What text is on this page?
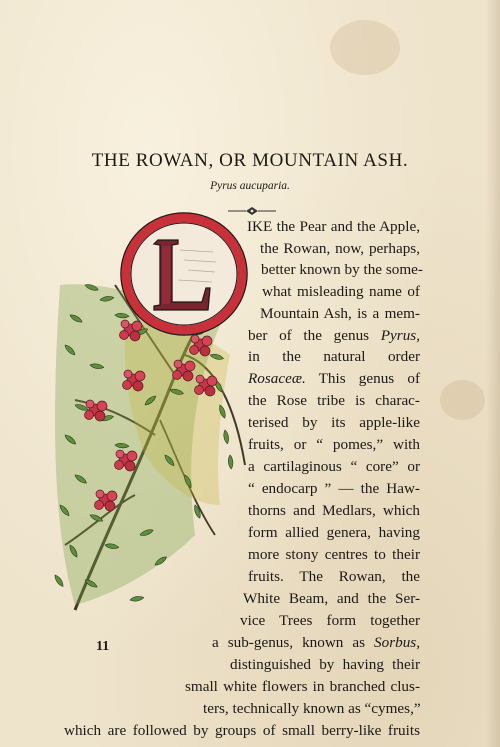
THE ROWAN, OR MOUNTAIN ASH.
Pyrus aucuparia.
IKE the Pear and the Apple,
the Rowan, now, perhaps,
better known by the some-
what misleading name of
Mountain Ash, is a mem-
ber of the genus Pyrus,
in the natural order
Rosaceæ. This genus of
the Rose tribe is charac-
terised by its apple-like
fruits, or “ pomes,” with
a cartilaginous “ core” or
“ endocarp ” — the Haw-
thorns and Medlars, which
form allied genera, having
more stony centres to their
fruits. The Rowan, the
White Beam, and the Ser-
vice Trees form together
a sub-genus, known as Sorbus,
distinguished by having their
small white flowers in branched clus-
ters, technically known as “cymes,”
which are followed by groups of small berry-like fruits
11
